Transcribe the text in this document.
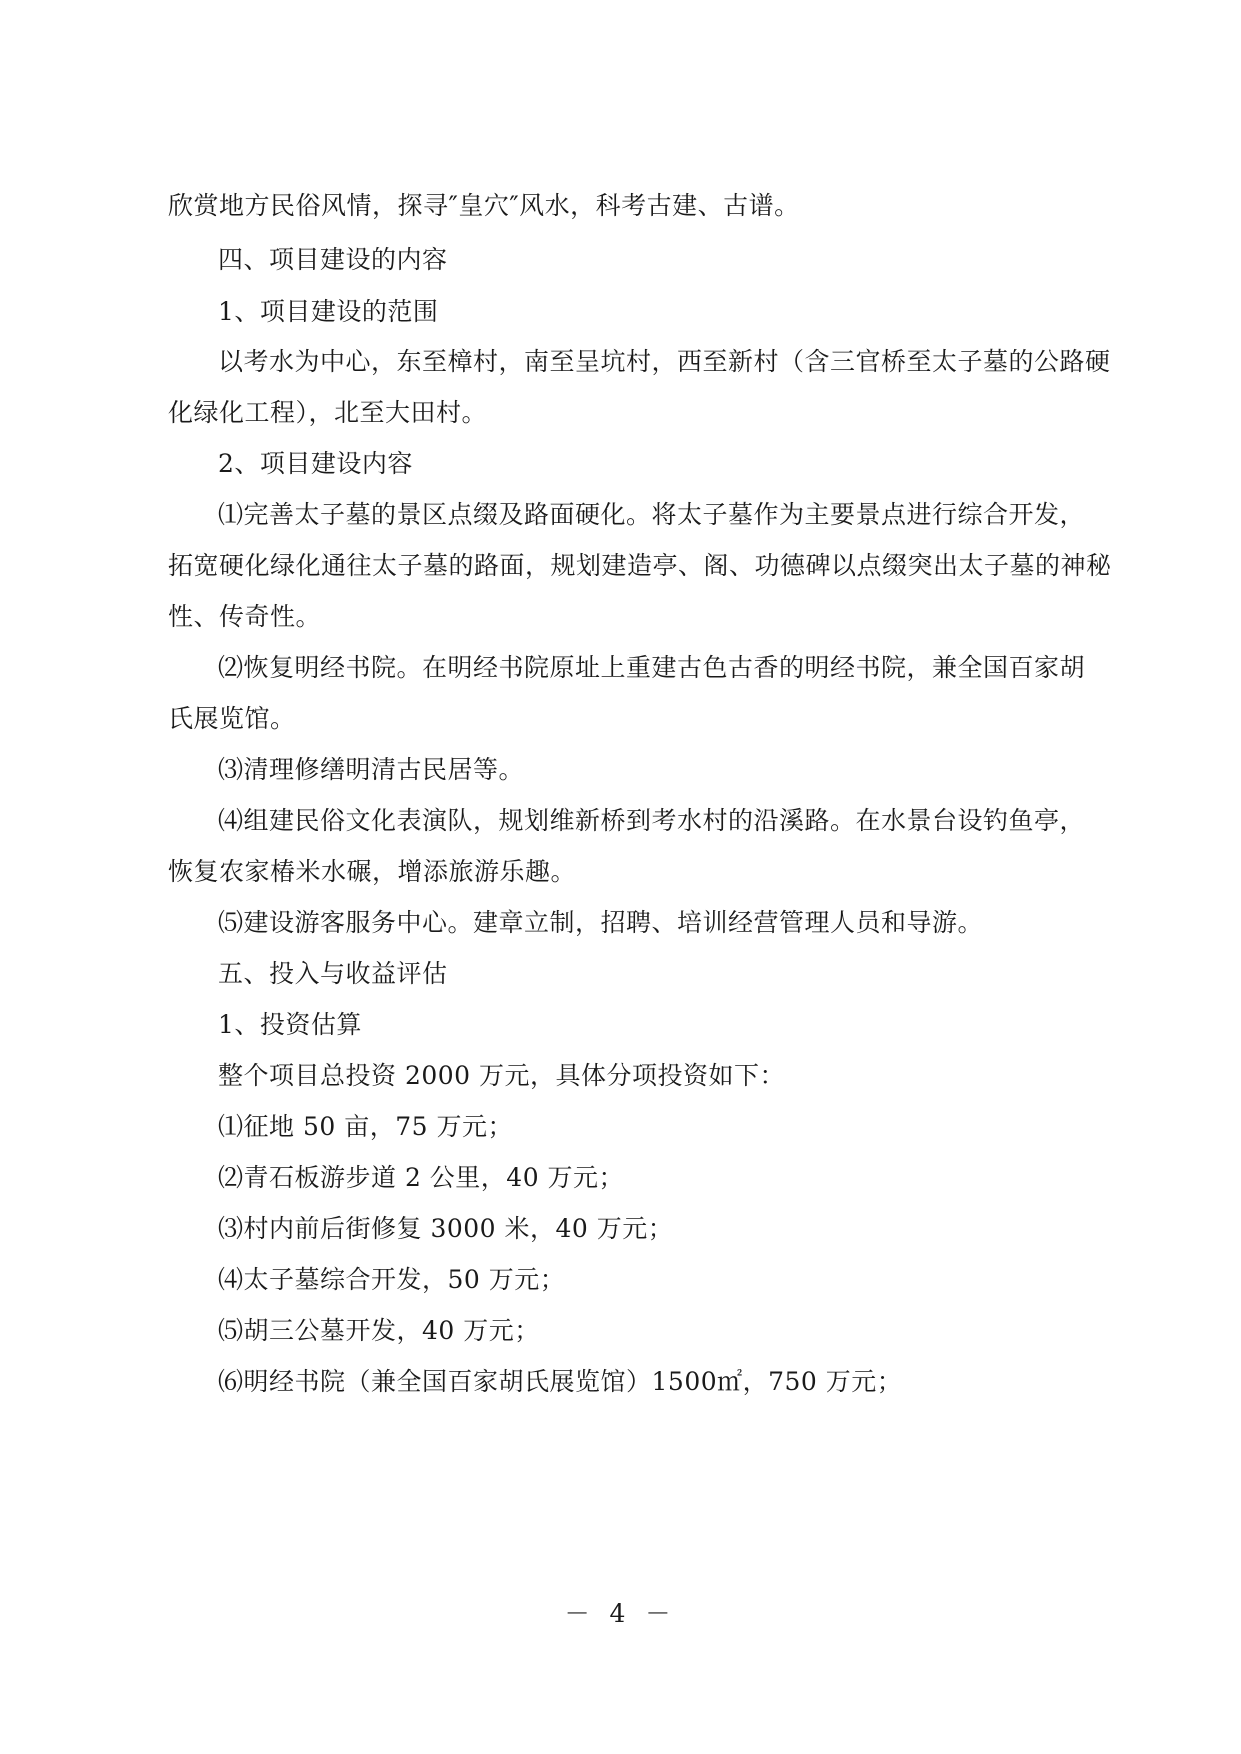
欣赏地方民俗风情，探寻″皇穴″风水，科考古建、古谱。
四、项目建设的内容
1、项目建设的范围
以考水为中心，东至樟村，南至呈坑村，西至新村（含三官桥至太子墓的公路硬
化绿化工程），北至大田村。
2、项目建设内容
⑴完善太子墓的景区点缀及路面硬化。将太子墓作为主要景点进行综合开发，
拓宽硬化绿化通往太子墓的路面，规划建造亭、阁、功德碑以点缀突出太子墓的神秘
性、传奇性。
⑵恢复明经书院。在明经书院原址上重建古色古香的明经书院，兼全国百家胡
氏展览馆。
⑶清理修缮明清古民居等。
⑷组建民俗文化表演队，规划维新桥到考水村的沿溪路。在水景台设钓鱼亭，
恢复农家椿米水碾，增添旅游乐趣。
⑸建设游客服务中心。建章立制，招聘、培训经营管理人员和导游。
五、投入与收益评估
1、投资估算
整个项目总投资 2000 万元，具体分项投资如下：
⑴征地 50 亩，75 万元；
⑵青石板游步道 2 公里，40 万元；
⑶村内前后街修复 3000 米，40 万元；
⑷太子墓综合开发，50 万元；
⑸胡三公墓开发，40 万元；
⑹明经书院（兼全国百家胡氏展览馆）1500㎡，750 万元；
－ 4 －
